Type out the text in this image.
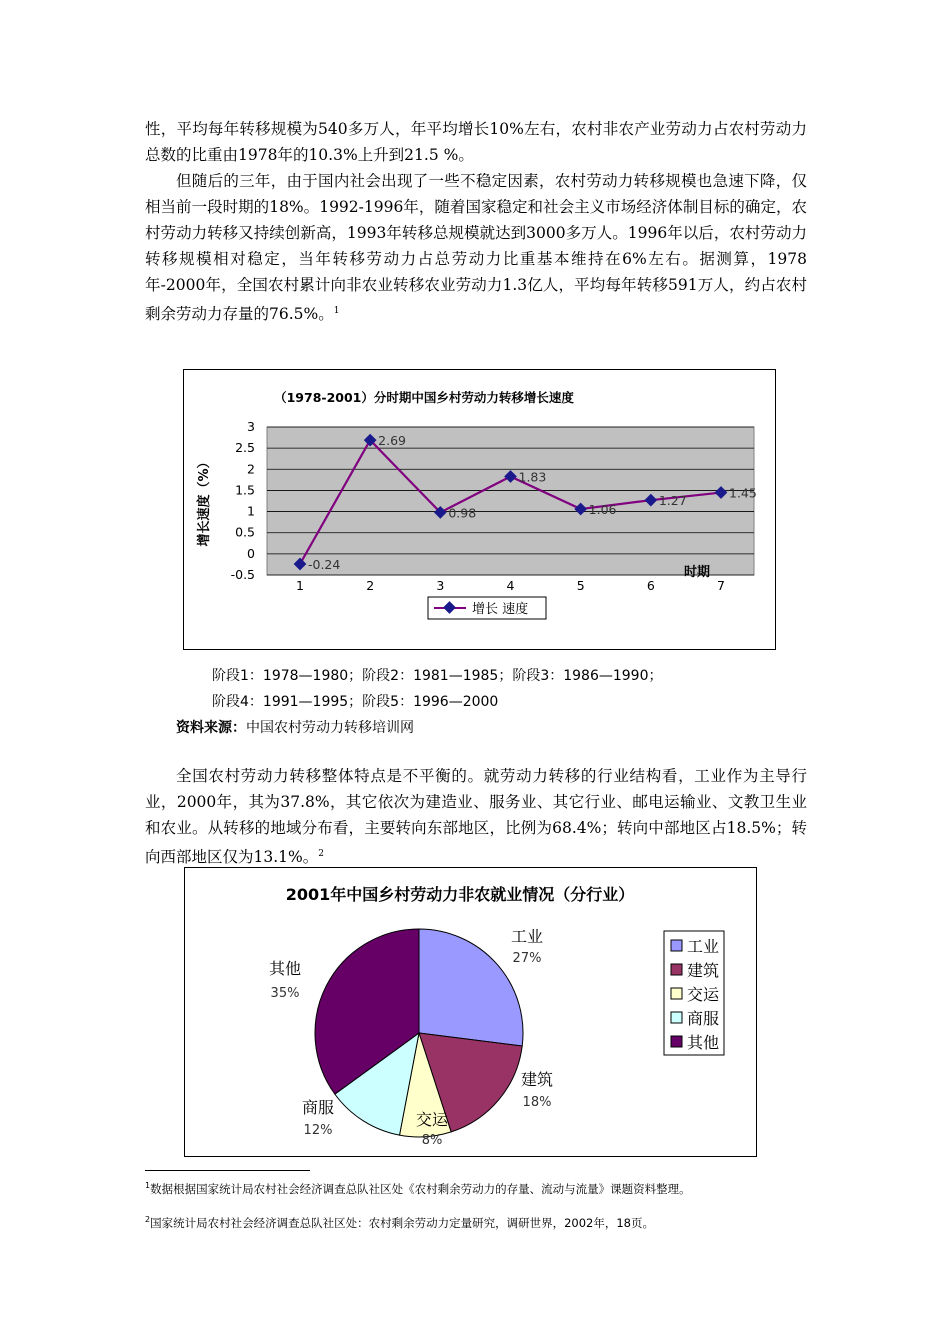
性，平均每年转移规模为540多万人，年平均增长10%左右，农村非农产业劳动力占农村劳动力总数的比重由1978年的10.3%上升到21.5 %。

但随后的三年，由于国内社会出现了一些不稳定因素，农村劳动力转移规模也急速下降，仅相当前一段时期的18%。1992-1996年，随着国家稳定和社会主义市场经济体制目标的确定，农村劳动力转移又持续创新高，1993年转移总规模就达到3000多万人。1996年以后，农村劳动力转移规模相对稳定，当年转移劳动力占总劳动力比重基本维持在6%左右。据测算，1978年-2000年，全国农村累计向非农业转移农业劳动力1.3亿人，平均每年转移591万人，约占农村剩余劳动力存量的76.5%。$^1$

（1978-2001）分时期中国乡村劳动力转移增长速度
-0.5
0
0.5
1
1.5
2
2.5
3
1	2	3	4	5	6	7
增长速度（%）
时期
-0.24
2.69
0.98
1.83
1.06
1.27
1.45
增长 速度
阶段1：1978—1980；阶段2：1981—1985；阶段3：1986—1990；
阶段4：1991—1995；阶段5：1996—2000
资料来源：中国农村劳动力转移培训网

全国农村劳动力转移整体特点是不平衡的。就劳动力转移的行业结构看，工业作为主导行业，2000年，其为37.8%，其它依次为建造业、服务业、其它行业、邮电运输业、文教卫生业和农业。从转移的地域分布看，主要转向东部地区，比例为68.4%；转向中部地区占18.5%；转向西部地区仅为13.1%。$^2$

2001年中国乡村劳动力非农就业情况（分行业）
工业
27%
建筑
18%
交运
8%
商服
12%
其他
35%
工业
建筑
交运
商服
其他
$^1$数据根据国家统计局农村社会经济调查总队社区处《农村剩余劳动力的存量、流动与流量》课题资料整理。
$^2$国家统计局农村社会经济调查总队社区处：农村剩余劳动力定量研究，调研世界，2002年，18页。
